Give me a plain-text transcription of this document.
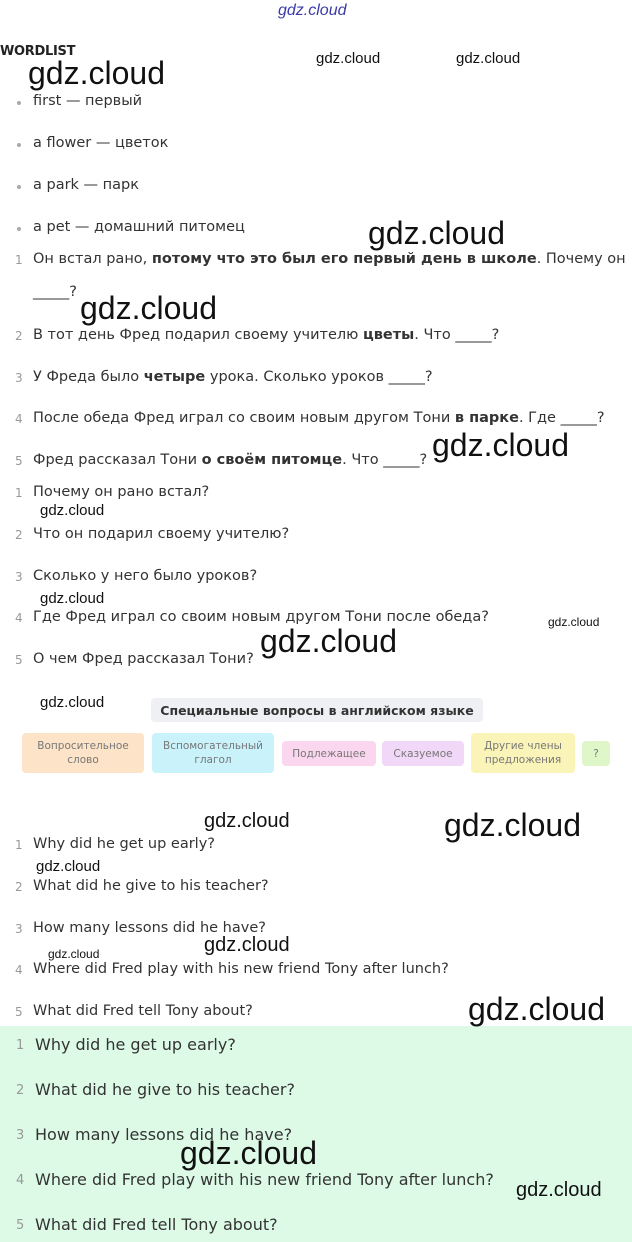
gdz.cloud
WORDLIST
first — первый
a flower — цветок
a park — парк
a pet — домашний питомец
1 Он встал рано, потому что это был его первый день в школе. Почему он
_____?
2 В тот день Фред подарил своему учителю цветы. Что _____?
3 У Фреда было четыре урока. Сколько уроков _____?
4 После обеда Фред играл со своим новым другом Тони в парке. Где _____?
5 Фред рассказал Тони о своём питомце. Что _____?
1 Почему он рано встал?
2 Что он подарил своему учителю?
3 Сколько у него было уроков?
4 Где Фред играл со своим новым другом Тони после обеда?
5 О чем Фред рассказал Тони?
Специальные вопросы в английском языке
Вопросительное слово
Вспомогательный глагол
Подлежащее	Сказуемое
Другие члены предложения
?
1 Why did he get up early?
2 What did he give to his teacher?
3 How many lessons did he have?
4 Where did Fred play with his new friend Tony after lunch?
5 What did Fred tell Tony about?
1 Why did he get up early?
2 What did he give to his teacher?
3 How many lessons did he have?
4 Where did Fred play with his new friend Tony after lunch?
5 What did Fred tell Tony about?
gdz.cloud	gdz.cloud	gdz.cloud
gdz.cloud
gdz.cloud
gdz.cloud
gdz.cloud
gdz.cloud
gdz.cloud
gdz.cloud
gdz.cloud
gdz.cloud	gdz.cloud
gdz.cloud
gdz.cloud	gdz.cloud
gdz.cloud
gdz.cloud
gdz.cloud
